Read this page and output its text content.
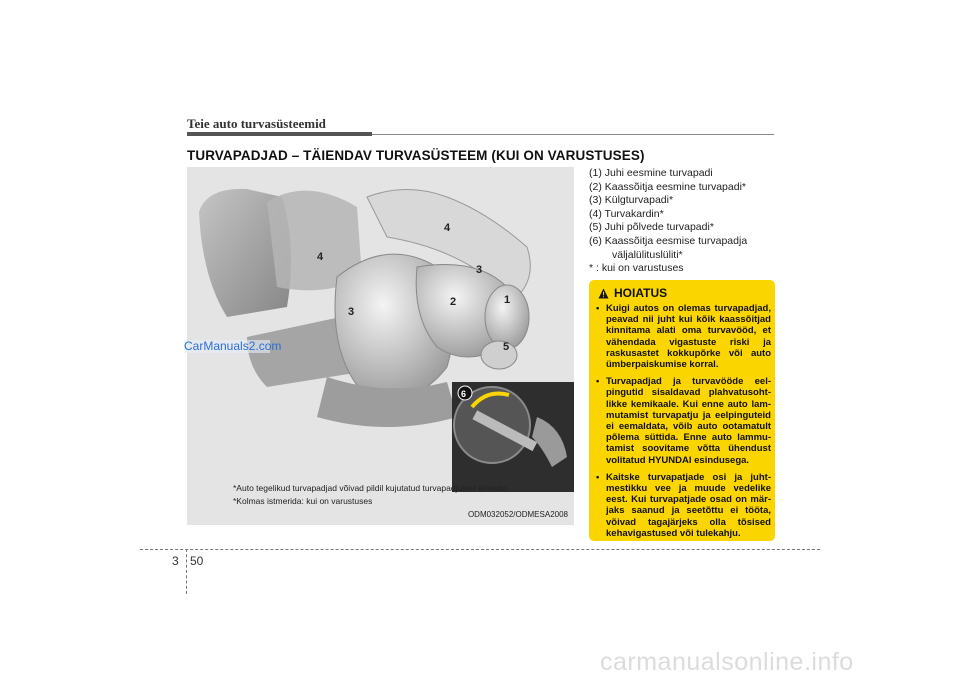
Teie auto turvasüsteemid
TURVAPADJAD – TÄIENDAV TURVASÜSTEEM (KUI ON VARUSTUSES)
4
4
3
3
2	1
5
6
*Auto tegelikud turvapadjad võivad pildil kujutatud turvapadjatest erineda.
*Kolmas istmerida: kui on varustuses
ODM032052/ODMESA2008
CarManuals2.com
(1) Juhi eesmine turvapadi
(2) Kaassõitja eesmine turvapadi*
(3) Külgturvapadi*
(4) Turvakardin*
(5) Juhi põlvede turvapadi*
(6) Kaassõitja eesmise turvapadja
väljalülituslüliti*
* : kui on varustuses
HOIATUS
• Kuigi autos on olemas turvapadjad, peavad nii juht kui kõik kaassõitjad kinnitama alati oma turvavööd, et vähendada vigastuste riski ja raskusastet kokkupõrke või auto ümberpaiskumise korral.
• Turvapadjad ja turvavööde eel-pingutid sisaldavad plahvatusoht-likke kemikaale. Kui enne auto lam-mutamist turvapatju ja eelpinguteid ei eemaldata, võib auto ootamatult põlema süttida. Enne auto lammu-tamist soovitame võtta ühendust volitatud HYUNDAI esindusega.
• Kaitske turvapatjade osi ja juht-mestikku vee ja muude vedelike eest. Kui turvapatjade osad on mär-jaks saanud ja seetõttu ei tööta, võivad tagajärjeks olla tõsised kehavigastused või tulekahju.
3 50
carmanualsonline.info
